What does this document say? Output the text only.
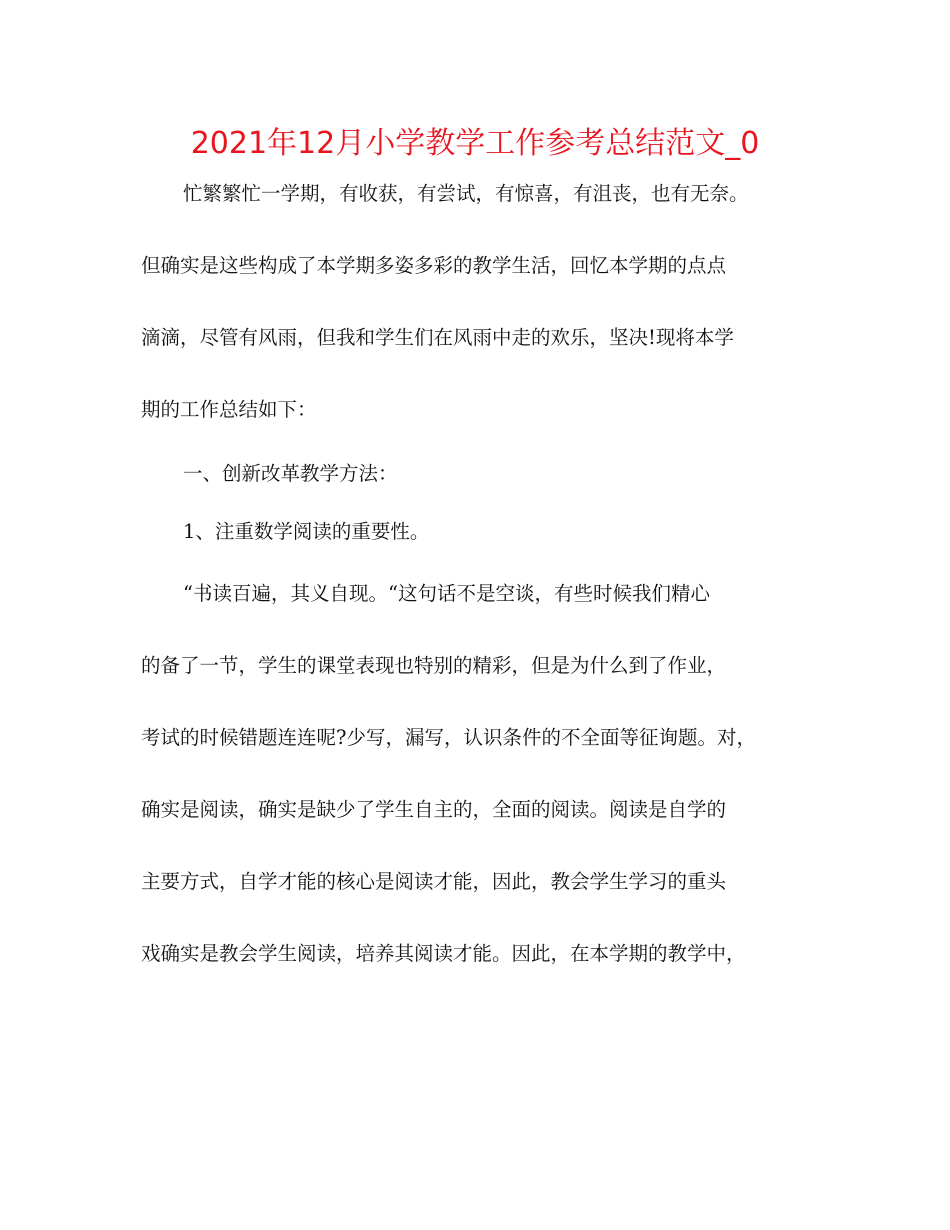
2021年12月小学教学工作参考总结范文_0
忙繁繁忙一学期，有收获，有尝试，有惊喜，有沮丧，也有无奈。
但确实是这些构成了本学期多姿多彩的教学生活，回忆本学期的点点
滴滴，尽管有风雨，但我和学生们在风雨中走的欢乐，坚决!现将本学
期的工作总结如下：
一、创新改革教学方法：
1、注重数学阅读的重要性。
“书读百遍，其义自现。“这句话不是空谈，有些时候我们精心
的备了一节，学生的课堂表现也特别的精彩，但是为什么到了作业，
考试的时候错题连连呢?少写，漏写，认识条件的不全面等征询题。对，
确实是阅读，确实是缺少了学生自主的，全面的阅读。阅读是自学的
主要方式，自学才能的核心是阅读才能，因此，教会学生学习的重头
戏确实是教会学生阅读，培养其阅读才能。因此，在本学期的教学中，
